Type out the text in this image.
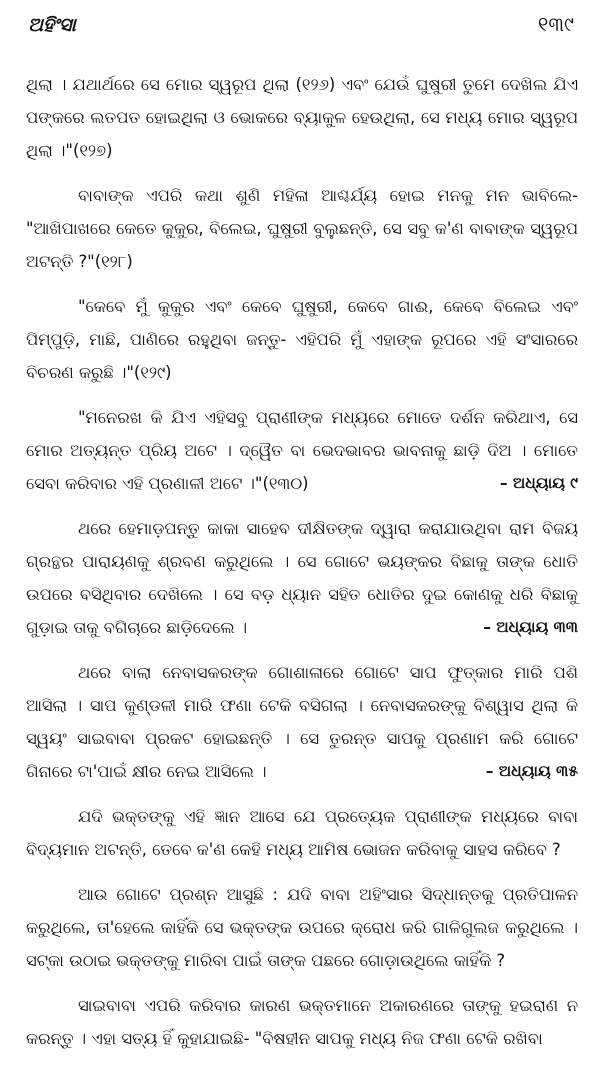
ଅହିଂସା	୧୩୯

ଥିଲା । ଯଥାର୍ଥରେ ସେ ମୋର ସ୍ୱରୂପ ଥିଲା (୧୨୬) ଏବଂ ଯେଉଁ ଘୁଷୁରୀ ତୁମେ ଦେଖିଲ ଯିଏ ପଙ୍କରେ ଲତପତ ହୋଇଥିଲା ଓ ଭୋକରେ ବ୍ୟାକୁଳ ହେଉଥିଲା, ସେ ମଧ୍ୟ ମୋର ସ୍ୱରୂପ ଥିଲା ।"(୧୨୭)

ବାବାଙ୍କ ଏପରି କଥା ଶୁଣି ମହିଳା ଆଶ୍ଚର୍ଯ୍ୟ ହୋଇ ମନକୁ ମନ ଭାବିଲେ- "ଆଖିପାଖରେ କେତେ କୁକୁର, ବିଲେଇ, ଘୁଷୁରୀ ବୁଲୁଛନ୍ତି, ସେ ସବୁ କ'ଣ ବାବାଙ୍କ ସ୍ୱରୂପ ଅଟନ୍ତି ?"(୧୨୮)

"କେବେ ମୁଁ କୁକୁର ଏବଂ କେବେ ଘୁଷୁରୀ, କେବେ ଗାଈ, କେବେ ବିଲେଇ ଏବଂ ପିମ୍ପୁଡ଼ି, ମାଛି, ପାଣିରେ ରହୁଥିବା ଜନ୍ତୁ- ଏହିପରି ମୁଁ ଏହାଙ୍କ ରୂପରେ ଏହି ସଂସାରରେ ବିଚରଣ କରୁଛି ।"(୧୨୯)

"ମନେରଖ କି ଯିଏ ଏହିସବୁ ପ୍ରାଣୀଙ୍କ ମଧ୍ୟରେ ମୋତେ ଦର୍ଶନ କରିଥାଏ, ସେ ମୋର ଅତ୍ୟନ୍ତ ପ୍ରିୟ ଅଟେ । ଦ୍ୱୈତ ବା ଭେଦଭାବର ଭାବନାକୁ ଛାଡ଼ି ଦିଅ । ମୋତେ ସେବା କରିବାର ଏହି ପ୍ରଣାଳୀ ଅଟେ ।"(୧୩୦)	– ଅଧ୍ୟାୟ ୯

ଥରେ ହେମାଡ଼ପନ୍ତୁ କାକା ସାହେବ ଦୀକ୍ଷିତଙ୍କ ଦ୍ୱାରା କରାଯାଉଥିବା ରାମ ବିଜୟ ଗ୍ରନ୍ଥର ପାରାୟଣକୁ ଶ୍ରବଣ କରୁଥିଲେ । ସେ ଗୋଟେ ଭୟଙ୍କର ବିଛାକୁ ତାଙ୍କ ଧୋତି ଉପରେ ବସିଥିବାର ଦେଖିଲେ । ସେ ବଡ଼ ଧ୍ୟାନ ସହିତ ଧୋତିର ଦୁଇ କୋଣକୁ ଧରି ବିଛାକୁ ଗୁଡ଼ାଇ ତାକୁ ବଗିଚାରେ ଛାଡ଼ିଦେଲେ ।	– ଅଧ୍ୟାୟ ୩୩

ଥରେ ବାଲା ନେବାସକରଙ୍କ ଗୋଶାଳାରେ ଗୋଟେ ସାପ ଫୁତ୍କାର ମାରି ପଶି ଆସିଲା । ସାପ କୁଣ୍ଡଳୀ ମାରି ଫଣା ଟେକି ବସିଗଲା । ନେବାସକରଙ୍କୁ ବିଶ୍ୱାସ ଥିଲା କି ସ୍ୱୟଂ ସାଇବାବା ପ୍ରକଟ ହୋଇଛନ୍ତି । ସେ ତୁରନ୍ତ ସାପକୁ ପ୍ରଣାମ କରି ଗୋଟେ ଗିନାରେ ଟା'ପାଇଁ କ୍ଷୀର ନେଇ ଆସିଲେ ।	– ଅଧ୍ୟାୟ ୩୫

ଯଦି ଭକ୍ତଙ୍କୁ ଏହି ଜ୍ଞାନ ଆସେ ଯେ ପ୍ରତ୍ୟେକ ପ୍ରାଣୀଙ୍କ ମଧ୍ୟରେ ବାବା ବିଦ୍ୟମାନ ଅଟନ୍ତି, ତେବେ କ'ଣ କେହି ମଧ୍ୟ ଆମିଷ ଭୋଜନ କରିବାକୁ ସାହସ କରିବେ ?

ଆଉ ଗୋଟେ ପ୍ରଶ୍ନ ଆସୁଛି : ଯଦି ବାବା ଅହିଂସାର ସିଦ୍ଧାନ୍ତକୁ ପ୍ରତିପାଳନ କରୁଥିଲେ, ତା'ହେଲେ କାହିଁକି ସେ ଭକ୍ତଙ୍କ ଉପରେ କ୍ରୋଧ କରି ଗାଳିଗୁଲଜ କରୁଥିଲେ । ସଟ୍କା ଉଠାଇ ଭକ୍ତଙ୍କୁ ମାରିବା ପାଇଁ ତାଙ୍କ ପଛରେ ଗୋଡ଼ାଉଥିଲେ କାହିଁକି ?

ସାଇବାବା ଏପରି କରିବାର କାରଣ ଭକ୍ତମାନେ ଅକାରଣରେ ତାଙ୍କୁ ହଇରାଣ ନ କରନ୍ତୁ । ଏହା ସତ୍ୟ ହିଁ କୁହାଯାଇଛି- "ବିଷହୀନ ସାପକୁ ମଧ୍ୟ ନିଜ ଫଣା ଟେକି ରଖିବା
